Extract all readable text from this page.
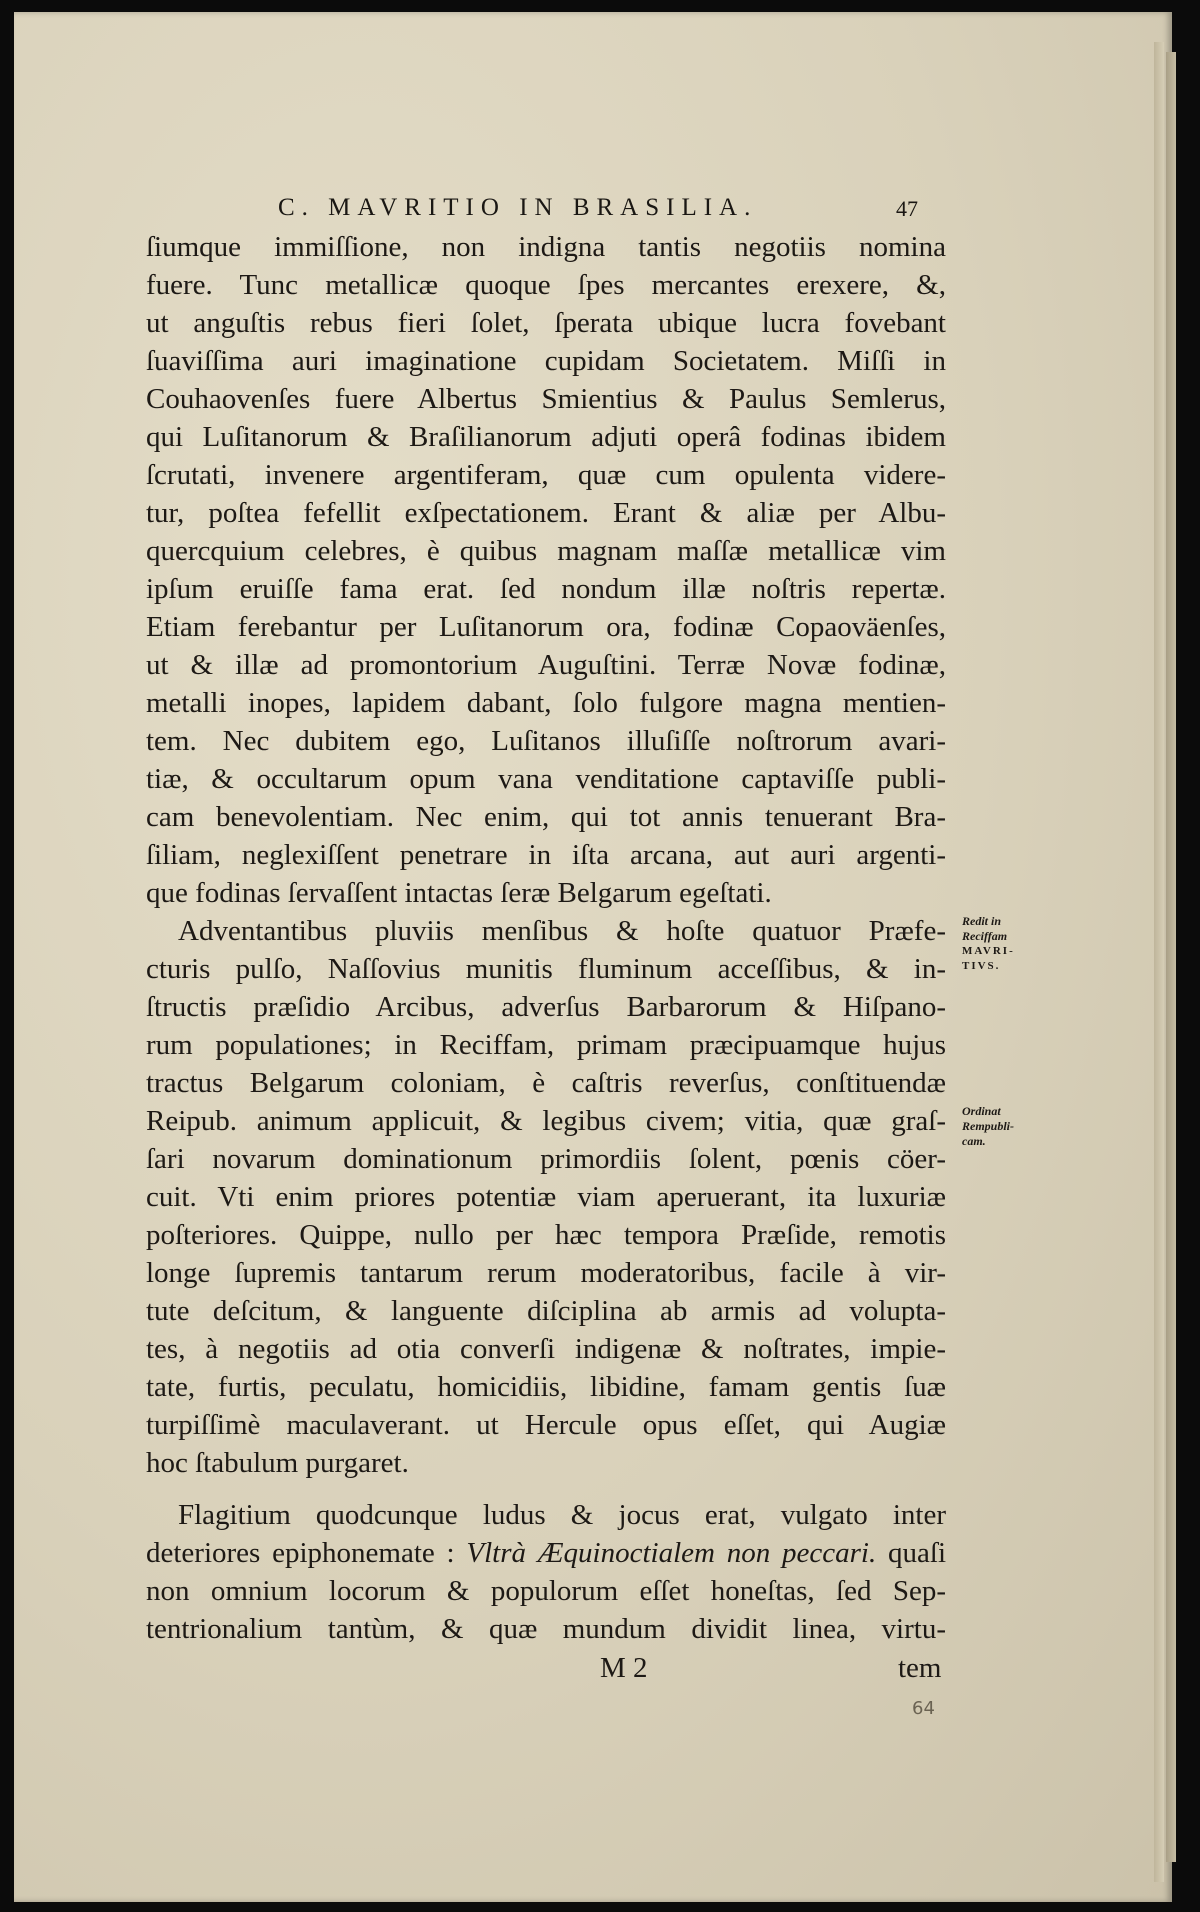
C. MAVRITIO IN BRASILIA.	47
ſiumque immiſſione, non indigna tantis negotiis nomina
fuere. Tunc metallicæ quoque ſpes mercantes erexere, &,
ut anguſtis rebus fieri ſolet, ſperata ubique lucra fovebant
ſuaviſſima auri imaginatione cupidam Societatem. Miſſi in
Couhaovenſes fuere Albertus Smientius & Paulus Semlerus,
qui Luſitanorum & Braſilianorum adjuti operâ fodinas ibidem
ſcrutati, invenere argentiferam, quæ cum opulenta videre-
tur, poſtea fefellit exſpectationem. Erant & aliæ per Albu-
quercquium celebres, è quibus magnam maſſæ metallicæ vim
ipſum eruiſſe fama erat. ſed nondum illæ noſtris repertæ.
Etiam ferebantur per Luſitanorum ora, fodinæ Copaoväenſes,
ut & illæ ad promontorium Auguſtini. Terræ Novæ fodinæ,
metalli inopes, lapidem dabant, ſolo fulgore magna mentien-
tem. Nec dubitem ego, Luſitanos illuſiſſe noſtrorum avari-
tiæ, & occultarum opum vana venditatione captaviſſe publi-
cam benevolentiam. Nec enim, qui tot annis tenuerant Bra-
ſiliam, neglexiſſent penetrare in iſta arcana, aut auri argenti-
que fodinas ſervaſſent intactas ſeræ Belgarum egeſtati.
Adventantibus pluviis menſibus & hoſte quatuor Præfe-
cturis pulſo, Naſſovius munitis fluminum acceſſibus, & in-
ſtructis præſidio Arcibus, adverſus Barbarorum & Hiſpano-
rum populationes; in Reciffam, primam præcipuamque hujus
tractus Belgarum coloniam, è caſtris reverſus, conſtituendæ
Reipub. animum applicuit, & legibus civem; vitia, quæ graſ-
ſari novarum dominationum primordiis ſolent, pœnis cöer-
cuit. Vti enim priores potentiæ viam aperuerant, ita luxuriæ
poſteriores. Quippe, nullo per hæc tempora Præſide, remotis
longe ſupremis tantarum rerum moderatoribus, facile à vir-
tute deſcitum, & languente diſciplina ab armis ad volupta-
tes, à negotiis ad otia converſi indigenæ & noſtrates, impie-
tate, furtis, peculatu, homicidiis, libidine, famam gentis ſuæ
turpiſſimè maculaverant. ut Hercule opus eſſet, qui Augiæ
hoc ſtabulum purgaret.
Flagitium quodcunque ludus & jocus erat, vulgato inter
deteriores epiphonemate : Vltrà Æquinoctialem non peccari. quaſi
non omnium locorum & populorum eſſet honeſtas, ſed Sep-
tentrionalium tantùm, & quæ mundum dividit linea, virtu-
Redit in
Reciffam
MAVRI-
TIVS.
Ordinat
Rempubli-
cam.
M 2	tem
64
